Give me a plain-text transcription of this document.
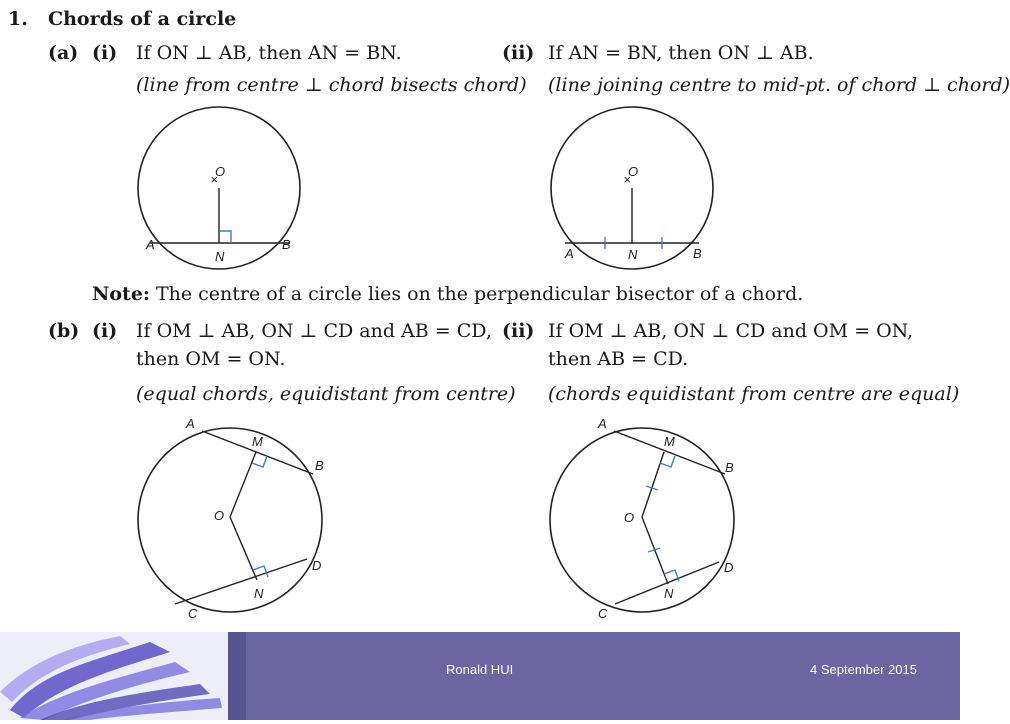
1. Chords of a circle
(a) (i) If ON ⊥ AB, then AN = BN.
(line from centre ⊥ chord bisects chord)
(ii) If AN = BN, then ON ⊥ AB.
(line joining centre to mid-pt. of chord ⊥ chord)
×
O
A	B
N
×
O
A	B
N
Note: The centre of a circle lies on the perpendicular bisector of a chord.
(b) (i) If OM ⊥ AB, ON ⊥ CD and AB = CD,
then OM = ON.
(equal chords, equidistant from centre)
(ii) If OM ⊥ AB, ON ⊥ CD and OM = ON,
then AB = CD.
(chords equidistant from centre are equal)
A
M
B
O
D
N
C
A
M
B
O
D
N
C
Ronald HUI	4 September 2015
